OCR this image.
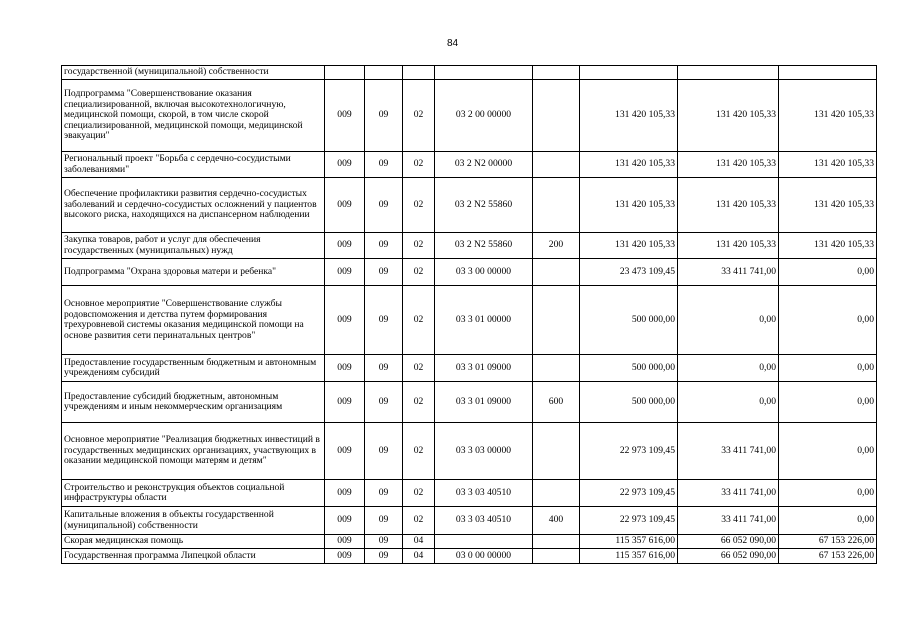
84
государственной (муниципальной) собственности								
Подпрограмма "Совершенствование оказания специализированной, включая высокотехнологичную, медицинской помощи, скорой, в том числе скорой специализированной, медицинской помощи, медицинской эвакуации"	009	09	02	03 2 00 00000		131 420 105,33	131 420 105,33	131 420 105,33
Региональный проект "Борьба с сердечно-сосудистыми заболеваниями"	009	09	02	03 2 N2 00000		131 420 105,33	131 420 105,33	131 420 105,33
Обеспечение профилактики развития сердечно-сосудистых заболеваний и сердечно-сосудистых осложнений у пациентов высокого риска, находящихся на диспансерном наблюдении	009	09	02	03 2 N2 55860		131 420 105,33	131 420 105,33	131 420 105,33
Закупка товаров, работ и услуг для обеспечения государственных (муниципальных) нужд	009	09	02	03 2 N2 55860	200	131 420 105,33	131 420 105,33	131 420 105,33
Подпрограмма "Охрана здоровья матери и ребенка"	009	09	02	03 3 00 00000		23 473 109,45	33 411 741,00	0,00
Основное мероприятие "Совершенствование службы родовспоможения и детства путем формирования трехуровневой системы оказания медицинской помощи на основе развития сети перинатальных центров"	009	09	02	03 3 01 00000		500 000,00	0,00	0,00
Предоставление государственным бюджетным и автономным учреждениям субсидий	009	09	02	03 3 01 09000		500 000,00	0,00	0,00
Предоставление субсидий бюджетным, автономным учреждениям и иным некоммерческим организациям	009	09	02	03 3 01 09000	600	500 000,00	0,00	0,00
Основное мероприятие "Реализация бюджетных инвестиций в государственных медицинских организациях, участвующих в оказании медицинской помощи матерям и детям"	009	09	02	03 3 03 00000		22 973 109,45	33 411 741,00	0,00
Строительство и реконструкция объектов социальной инфраструктуры области	009	09	02	03 3 03 40510		22 973 109,45	33 411 741,00	0,00
Капитальные вложения в объекты государственной (муниципальной) собственности	009	09	02	03 3 03 40510	400	22 973 109,45	33 411 741,00	0,00
Скорая медицинская помощь	009	09	04			115 357 616,00	66 052 090,00	67 153 226,00
Государственная программа Липецкой области	009	09	04	03 0 00 00000		115 357 616,00	66 052 090,00	67 153 226,00
